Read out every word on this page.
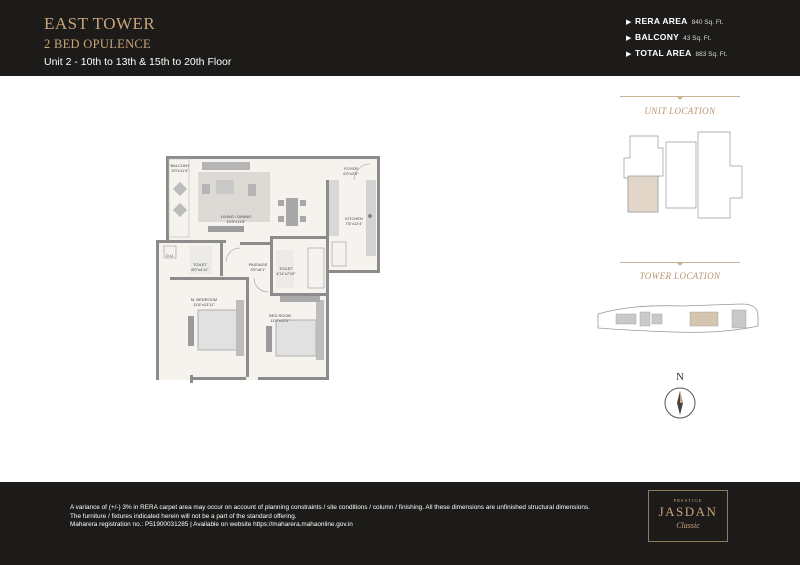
EAST TOWER
2 BED OPULENCE
Unit 2 - 10th to 13th & 15th to 20th Floor
▶ RERA AREA 840 Sq. Ft.
▶ BALCONY 43 Sq. Ft.
▶ TOTAL AREA 883 Sq. Ft.
BALCONY
3'0"x11'4"	FOYER
6'0"x3'5"
LIVING / DINING
19'8"x11'6"
KITCHEN
7'6"x12'4"
D.U.
TOILET
8'0"x4'11"
PASSAGE
3'5"x6'1"	TOILET
4'11"x7'10"
M. BEDROOM
11'6"x13'11"
BED ROOM
11'0"x12'0"
UNIT LOCATION
TOWER LOCATION
N
A variance of (+/-) 3% in RERA carpet area may occur on account of planning constraints / site conditions / column / finishing. All these dimensions are unfinished structural dimensions. The furniture / fixtures indicated herein will not be a part of the standard offering.
Maharera registration no.: P51900031285 | Available on website https://maharera.mahaonline.gov.in
PRESTIGE
JASDAN
Classic
